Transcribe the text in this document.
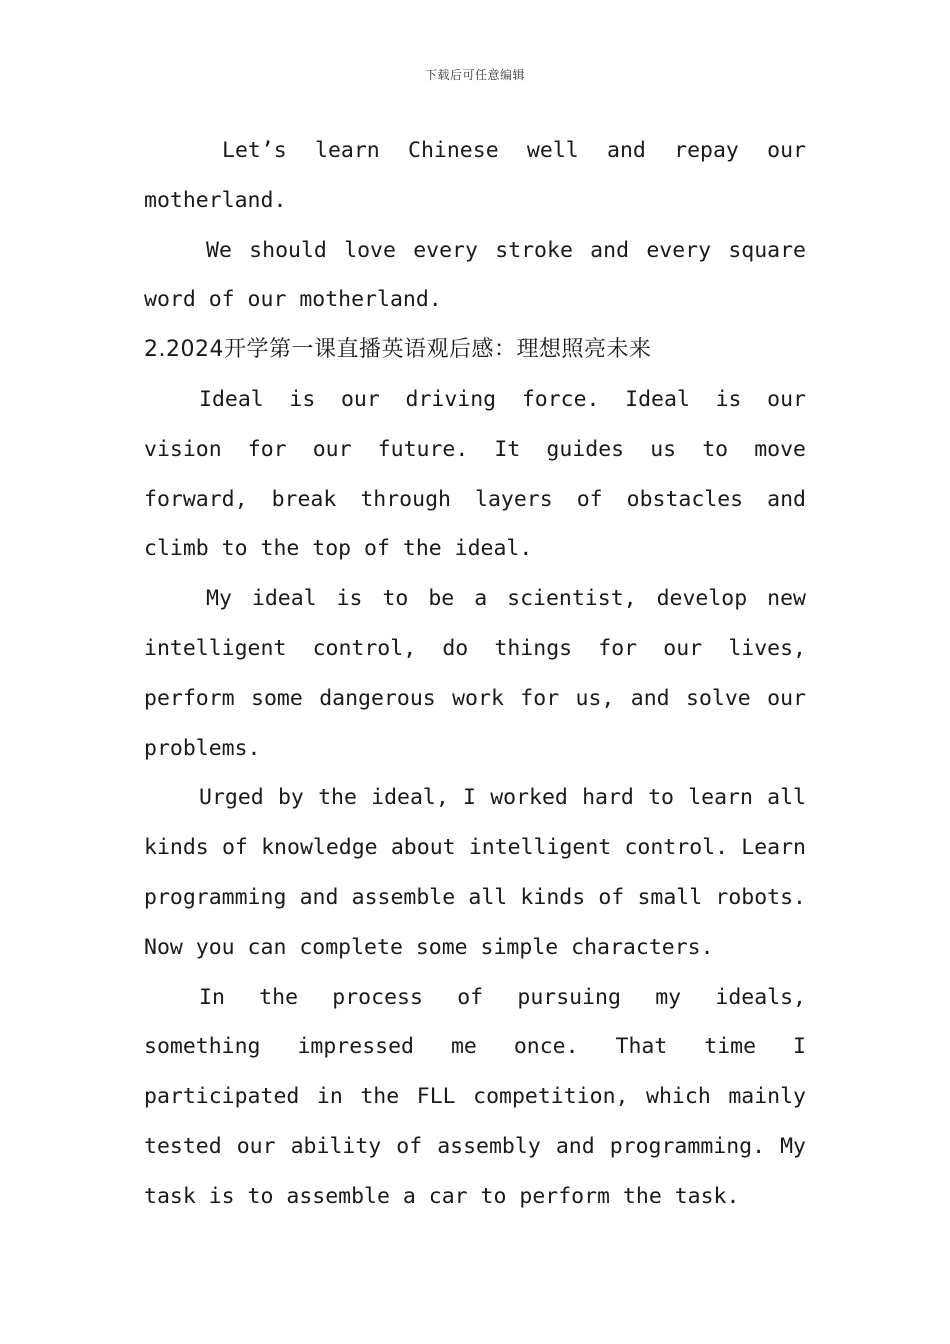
下载后可任意编辑

Let’s learn Chinese well and repay our motherland.

We should love every stroke and every square word of our motherland.

2.2024开学第一课直播英语观后感：理想照亮未来

Ideal is our driving force. Ideal is our vision for our future. It guides us to move forward, break through layers of obstacles and climb to the top of the ideal.

My ideal is to be a scientist, develop new intelligent control, do things for our lives, perform some dangerous work for us, and solve our problems.

Urged by the ideal, I worked hard to learn all kinds of knowledge about intelligent control. Learn programming and assemble all kinds of small robots. Now you can complete some simple characters.

In the process of pursuing my ideals, something impressed me once. That time I participated in the FLL competition, which mainly tested our ability of assembly and programming. My task is to assemble a car to perform the task.
